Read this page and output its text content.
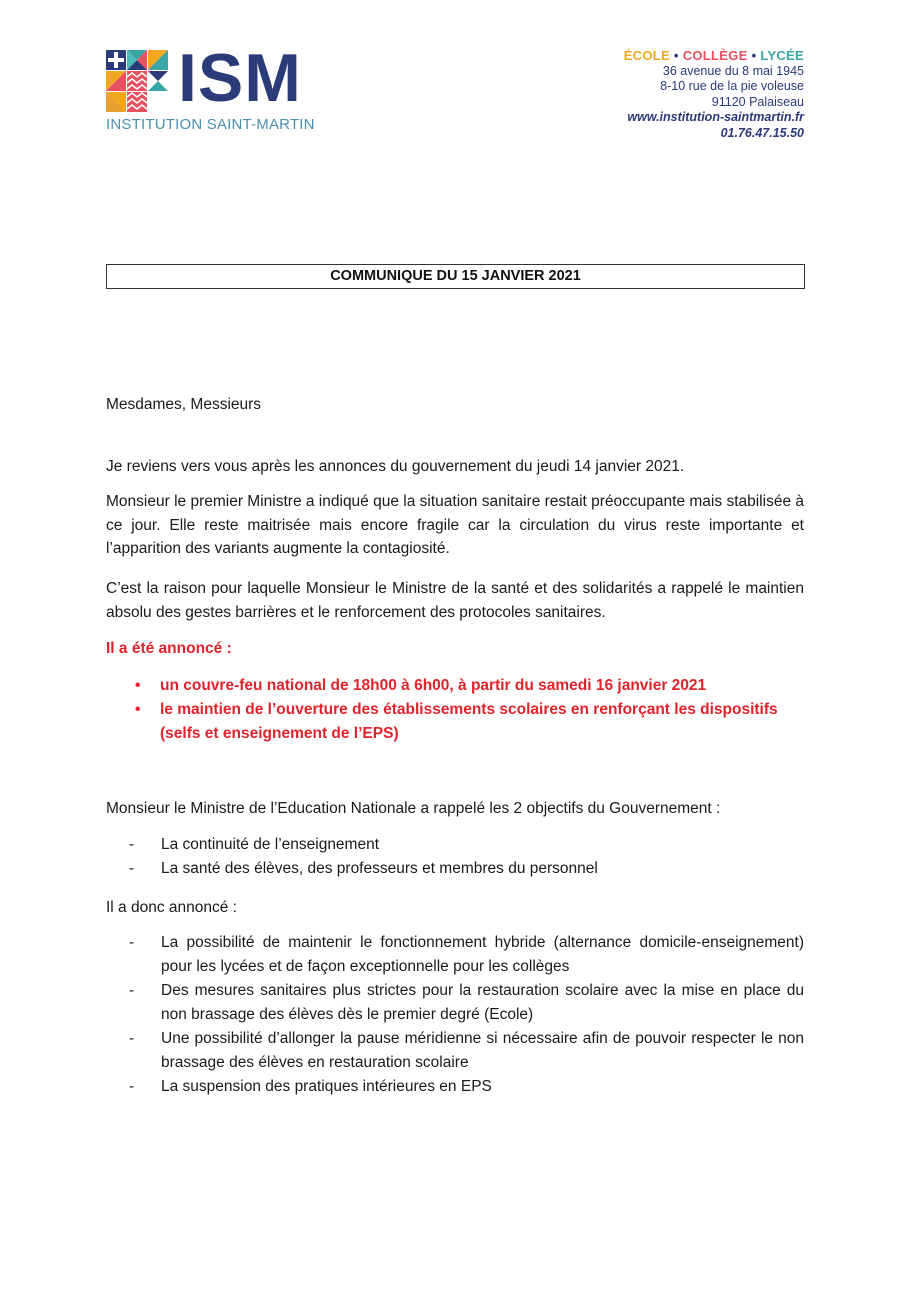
ISM
INSTITUTION SAINT-MARTIN
ÉCOLE • COLLÈGE • LYCÉE
36 avenue du 8 mai 1945
8-10 rue de la pie voleuse
91120 Palaiseau
www.institution-saintmartin.fr
01.76.47.15.50
COMMUNIQUE DU 15 JANVIER 2021
Mesdames, Messieurs
Je reviens vers vous après les annonces du gouvernement du jeudi 14 janvier 2021.
Monsieur le premier Ministre a indiqué que la situation sanitaire restait préoccupante mais stabilisée à ce jour. Elle reste maitrisée mais encore fragile car la circulation du virus reste importante et l’apparition des variants augmente la contagiosité.
C’est la raison pour laquelle Monsieur le Ministre de la santé et des solidarités a rappelé le maintien absolu des gestes barrières et le renforcement des protocoles sanitaires.
Il a été annoncé :
• un couvre-feu national de 18h00 à 6h00, à partir du samedi 16 janvier 2021
• le maintien de l’ouverture des établissements scolaires en renforçant les dispositifs (selfs et enseignement de l’EPS)
Monsieur le Ministre de l’Education Nationale a rappelé les 2 objectifs du Gouvernement :
- La continuité de l’enseignement
- La santé des élèves, des professeurs et membres du personnel
Il a donc annoncé :
- La possibilité de maintenir le fonctionnement hybride (alternance domicile-enseignement) pour les lycées et de façon exceptionnelle pour les collèges
- Des mesures sanitaires plus strictes pour la restauration scolaire avec la mise en place du non brassage des élèves dès le premier degré (Ecole)
- Une possibilité d’allonger la pause méridienne si nécessaire afin de pouvoir respecter le non brassage des élèves en restauration scolaire
- La suspension des pratiques intérieures en EPS
